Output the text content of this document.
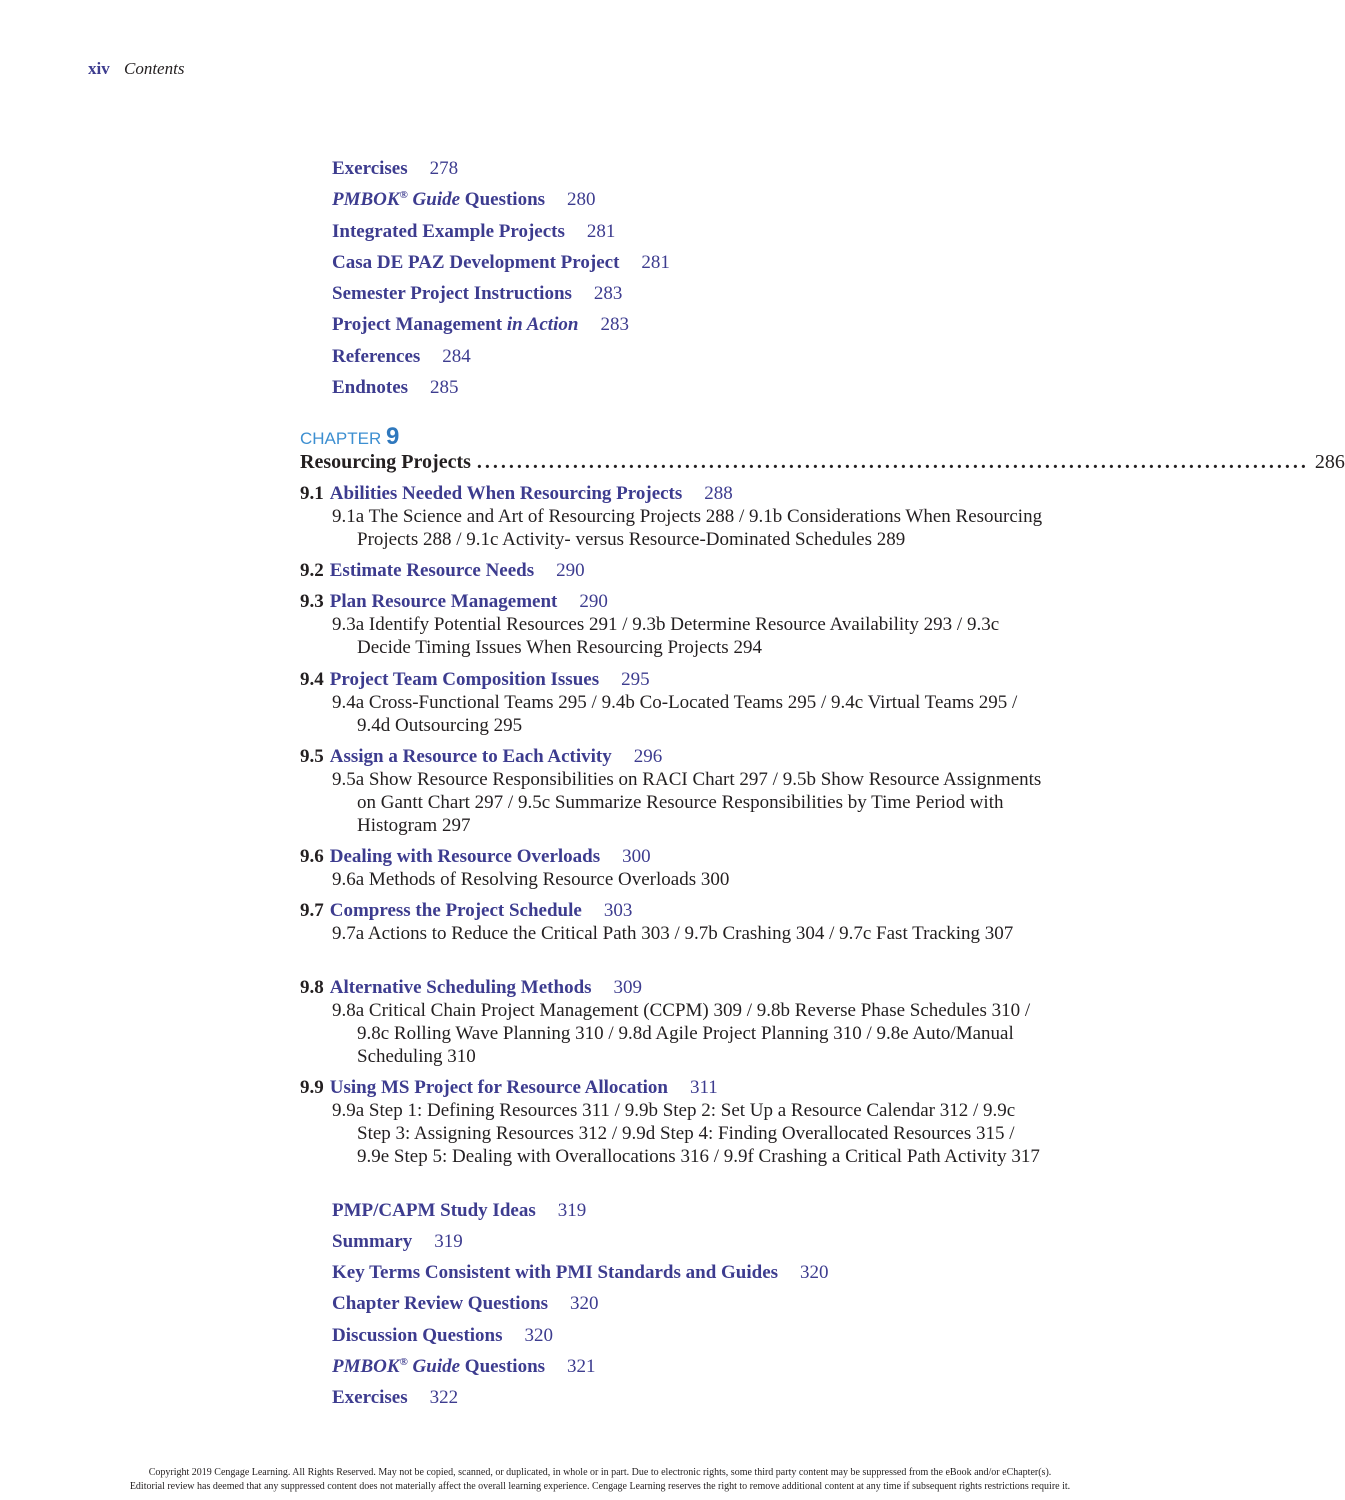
xiv Contents
Exercises 278
PMBOK® Guide Questions 280
Integrated Example Projects 281
Casa DE PAZ Development Project 281
Semester Project Instructions 283
Project Management in Action 283
References 284
Endnotes 285
CHAPTER 9
Resourcing Projects ........................................................................................................ 286
9.1 Abilities Needed When Resourcing Projects 288
9.1a The Science and Art of Resourcing Projects 288 / 9.1b Considerations When Resourcing Projects 288 / 9.1c Activity- versus Resource-Dominated Schedules 289
9.2 Estimate Resource Needs 290
9.3 Plan Resource Management 290
9.3a Identify Potential Resources 291 / 9.3b Determine Resource Availability 293 / 9.3c Decide Timing Issues When Resourcing Projects 294
9.4 Project Team Composition Issues 295
9.4a Cross-Functional Teams 295 / 9.4b Co-Located Teams 295 / 9.4c Virtual Teams 295 / 9.4d Outsourcing 295
9.5 Assign a Resource to Each Activity 296
9.5a Show Resource Responsibilities on RACI Chart 297 / 9.5b Show Resource Assignments on Gantt Chart 297 / 9.5c Summarize Resource Responsibilities by Time Period with Histogram 297
9.6 Dealing with Resource Overloads 300
9.6a Methods of Resolving Resource Overloads 300
9.7 Compress the Project Schedule 303
9.7a Actions to Reduce the Critical Path 303 / 9.7b Crashing 304 / 9.7c Fast Tracking 307
9.8 Alternative Scheduling Methods 309
9.8a Critical Chain Project Management (CCPM) 309 / 9.8b Reverse Phase Schedules 310 / 9.8c Rolling Wave Planning 310 / 9.8d Agile Project Planning 310 / 9.8e Auto/Manual Scheduling 310
9.9 Using MS Project for Resource Allocation 311
9.9a Step 1: Defining Resources 311 / 9.9b Step 2: Set Up a Resource Calendar 312 / 9.9c Step 3: Assigning Resources 312 / 9.9d Step 4: Finding Overallocated Resources 315 / 9.9e Step 5: Dealing with Overallocations 316 / 9.9f Crashing a Critical Path Activity 317
PMP/CAPM Study Ideas 319
Summary 319
Key Terms Consistent with PMI Standards and Guides 320
Chapter Review Questions 320
Discussion Questions 320
PMBOK® Guide Questions 321
Exercises 322
Copyright 2019 Cengage Learning. All Rights Reserved. May not be copied, scanned, or duplicated, in whole or in part. Due to electronic rights, some third party content may be suppressed from the eBook and/or eChapter(s).
Editorial review has deemed that any suppressed content does not materially affect the overall learning experience. Cengage Learning reserves the right to remove additional content at any time if subsequent rights restrictions require it.
